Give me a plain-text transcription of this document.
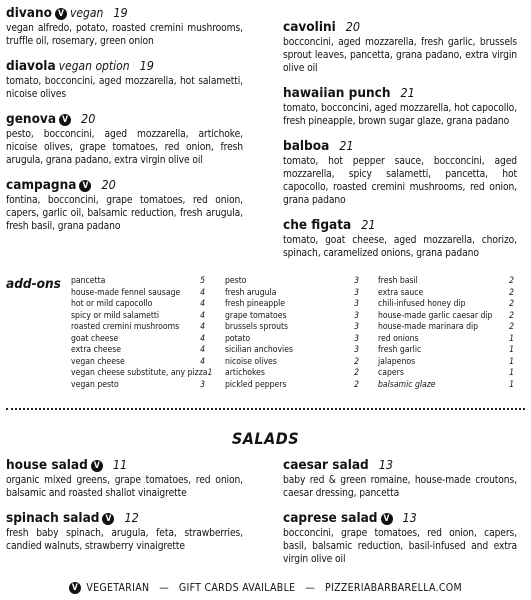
divano V vegan 19
vegan alfredo, potato, roasted cremini mushrooms, truffle oil, rosemary, green onion
diavola vegan option 19
tomato, bocconcini, aged mozzarella, hot salametti, nicoise olives
genova V 20
pesto, bocconcini, aged mozzarella, artichoke, nicoise olives, grape tomatoes, red onion, fresh arugula, grana padano, extra virgin olive oil
campagna V 20
fontina, bocconcini, grape tomatoes, red onion, capers, garlic oil, balsamic reduction, fresh arugula, fresh basil, grana padano
cavolini 20
bocconcini, aged mozzarella, fresh garlic, brussels sprout leaves, pancetta, grana padano, extra virgin olive oil
hawaiian punch 21
tomato, bocconcini, aged mozzarella, hot capocollo, fresh pineapple, brown sugar glaze, grana padano
balboa 21
tomato, hot pepper sauce, bocconcini, aged mozzarella, spicy salametti, pancetta, hot capocollo, roasted cremini mushrooms, red onion, grana padano
che figata 21
tomato, goat cheese, aged mozzarella, chorizo, spinach, caramelized onions, grana padano
add-ons pancetta	5
house-made fennel sausage 4
hot or mild capocollo	4
spicy or mild salametti	4
roasted cremini mushrooms 4
goat cheese	4
extra cheese	4
vegan cheese	4
vegan cheese substitute, any pizza 1
vegan pesto	3
pesto	3
fresh arugula	3
fresh pineapple	3
grape tomatoes	3
brussels sprouts	3
potato	3
sicilian anchovies	3
nicoise olives	2
artichokes	2
pickled peppers	2
fresh basil	2
extra sauce	2
chili-infused honey dip	2
house-made garlic caesar dip 2
house-made marinara dip	2
red onions	1
fresh garlic	1
jalapenos	1
capers	1
balsamic glaze	1
SALADS
house salad V 11
organic mixed greens, grape tomatoes, red onion, balsamic and roasted shallot vinaigrette
spinach salad V 12
fresh baby spinach, arugula, feta, strawberries, candied walnuts, strawberry vinaigrette
caesar salad 13
baby red & green romaine, house-made croutons, caesar dressing, pancetta
caprese salad V 13
bocconcini, grape tomatoes, red onion, capers, basil, balsamic reduction, basil-infused and extra virgin olive oil
V VEGETARIAN — GIFT CARDS AVAILABLE — PIZZERIABARBARELLA.COM
